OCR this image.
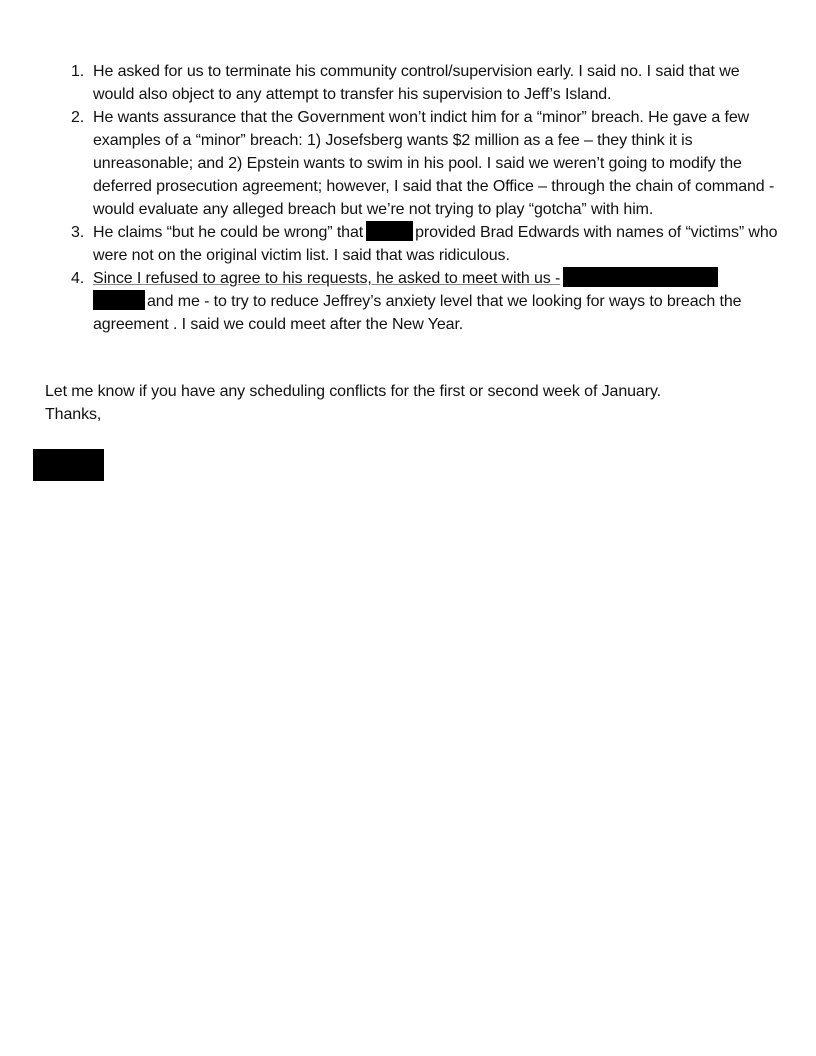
1. He asked for us to terminate his community control/supervision early. I said no. I said that we would also object to any attempt to transfer his supervision to Jeff’s Island.

2. He wants assurance that the Government won’t indict him for a “minor” breach. He gave a few examples of a “minor” breach: 1) Josefsberg wants $2 million as a fee – they think it is unreasonable; and 2) Epstein wants to swim in his pool. I said we weren’t going to modify the deferred prosecution agreement; however, I said that the Office – through the chain of command - would evaluate any alleged breach but we’re not trying to play “gotcha” with him.

3. He claims “but he could be wrong” that	provided Brad Edwards with names of “victims” who were not on the original victim list. I said that was ridiculous.

4. Since I refused to agree to his requests, he asked to meet with us -
and me - to try to reduce Jeffrey’s anxiety level that we looking for ways to breach the agreement . I said we could meet after the New Year.

Let me know if you have any scheduling conflicts for the first or second week of January.
Thanks,
